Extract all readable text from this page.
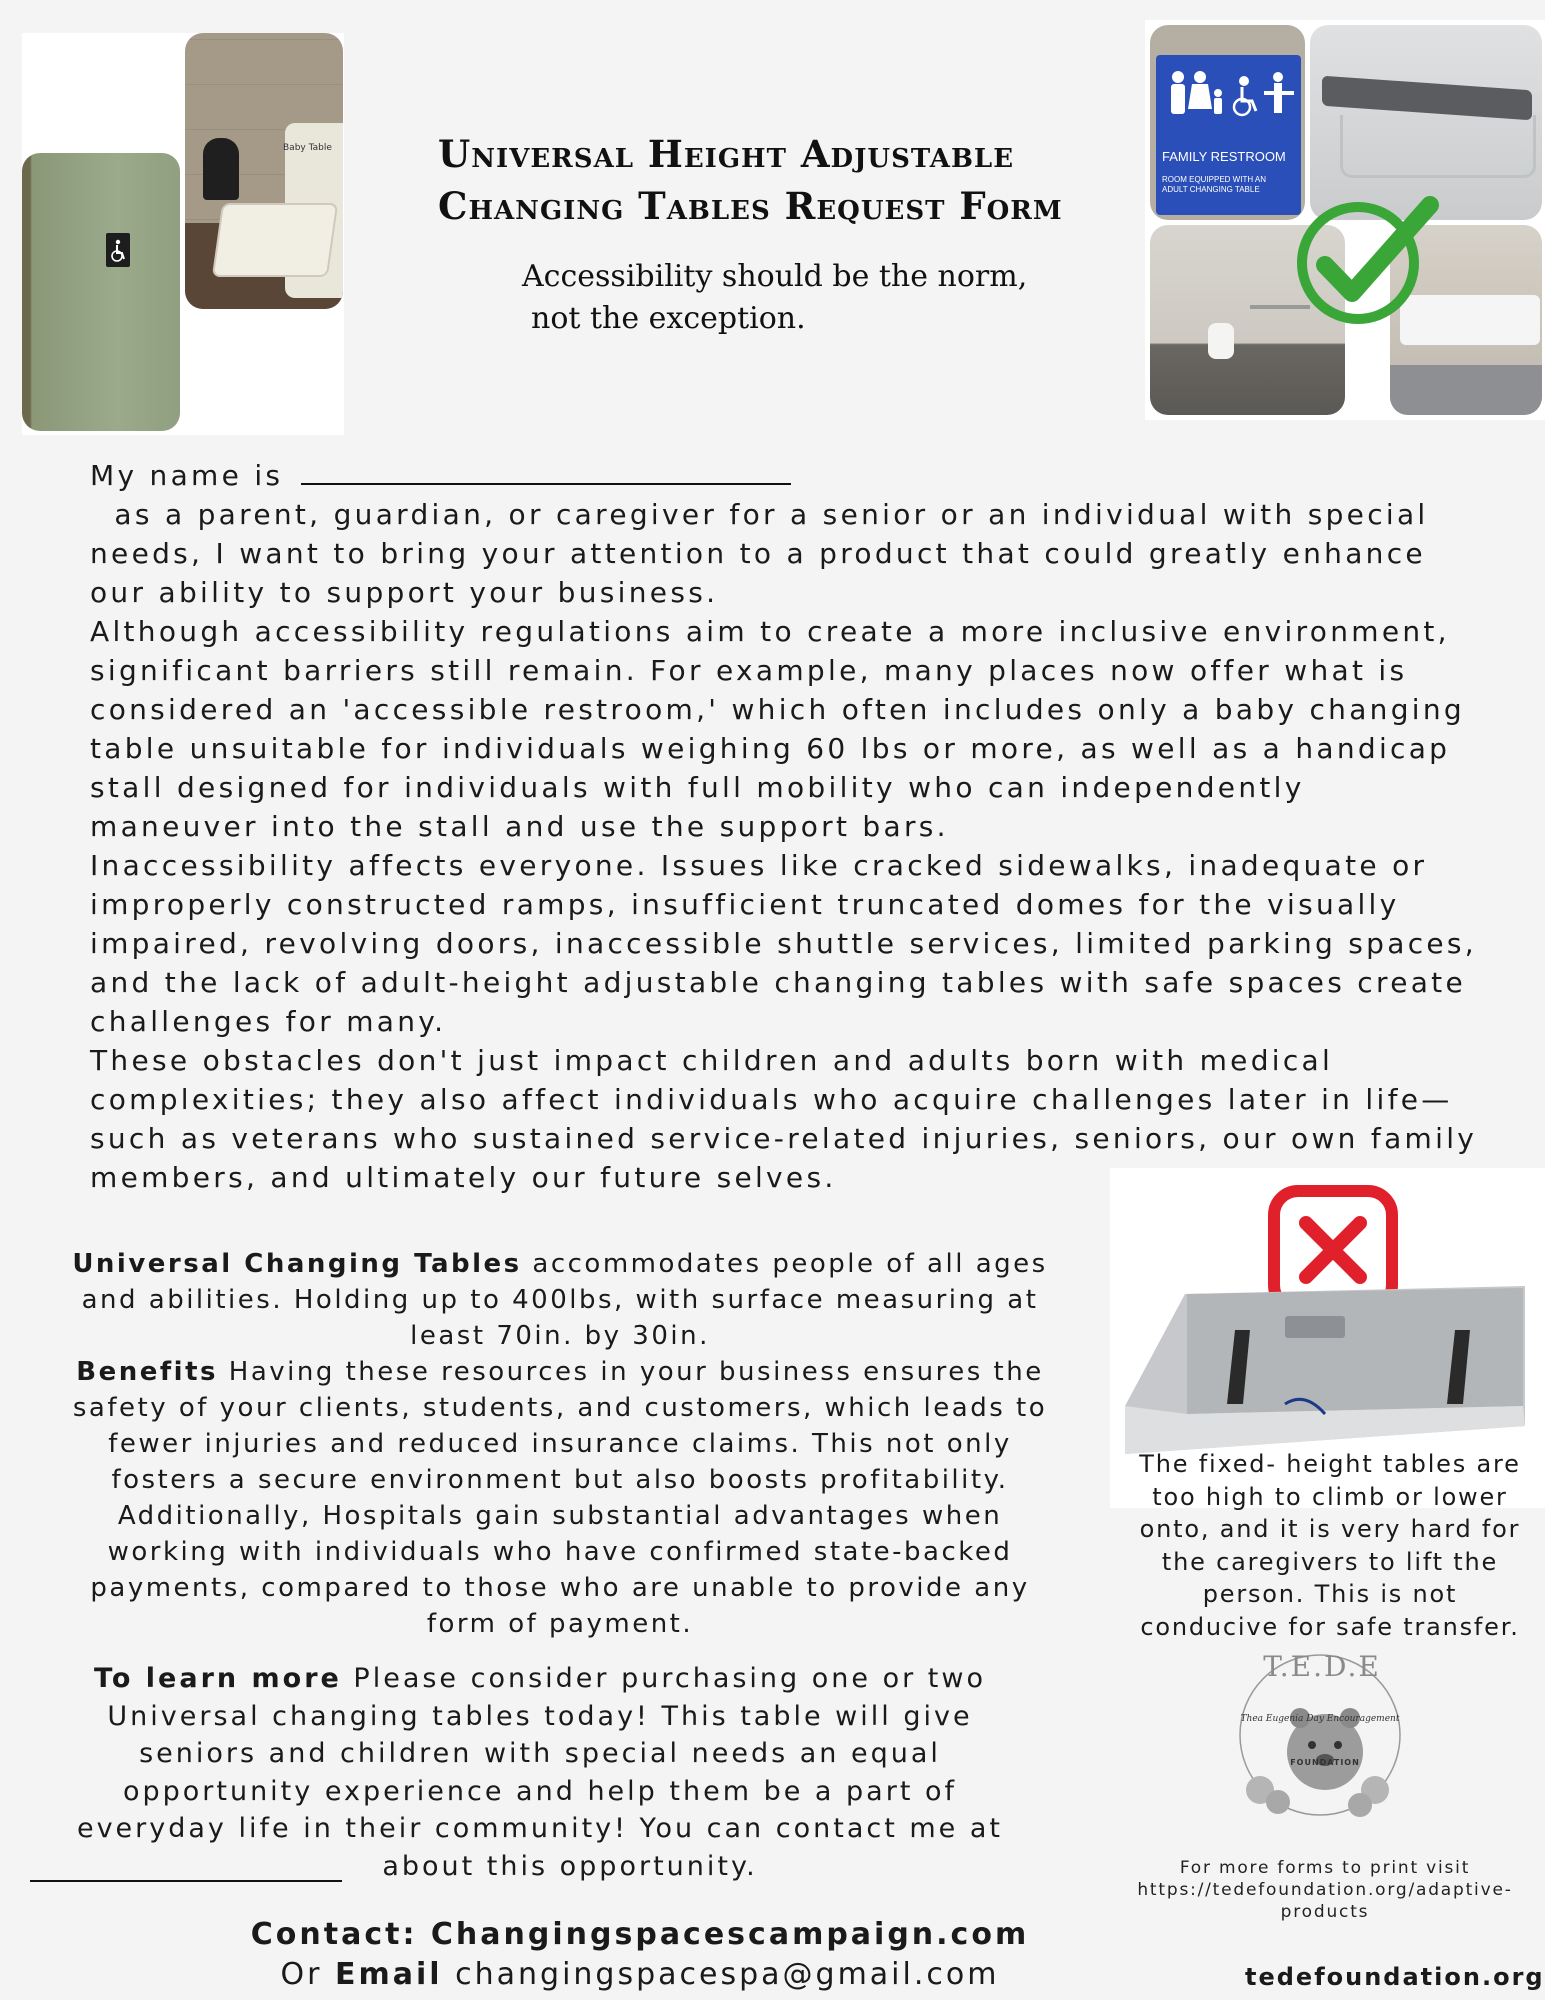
Baby Table	Universal Height Adjustable
Changing Tables Request Form
Accessibility should be the norm,
not the exception.
FAMILY RESTROOM
ROOM EQUIPPED WITH AN
ADULT CHANGING TABLE
My name is
as a parent, guardian, or caregiver for a senior or an individual with special
needs, I want to bring your attention to a product that could greatly enhance
our ability to support your business.
Although accessibility regulations aim to create a more inclusive environment,
significant barriers still remain. For example, many places now offer what is
considered an 'accessible restroom,' which often includes only a baby changing
table unsuitable for individuals weighing 60 lbs or more, as well as a handicap
stall designed for individuals with full mobility who can independently
maneuver into the stall and use the support bars.
Inaccessibility affects everyone. Issues like cracked sidewalks, inadequate or
improperly constructed ramps, insufficient truncated domes for the visually
impaired, revolving doors, inaccessible shuttle services, limited parking spaces,
and the lack of adult-height adjustable changing tables with safe spaces create
challenges for many.
These obstacles don't just impact children and adults born with medical
complexities; they also affect individuals who acquire challenges later in life—
such as veterans who sustained service-related injuries, seniors, our own family
members, and ultimately our future selves.
Universal Changing Tables accommodates people of all ages
and abilities. Holding up to 400lbs, with surface measuring at
least 70in. by 30in.
Benefits Having these resources in your business ensures the
safety of your clients, students, and customers, which leads to
fewer injuries and reduced insurance claims. This not only
fosters a secure environment but also boosts profitability.
Additionally, Hospitals gain substantial advantages when
working with individuals who have confirmed state-backed
payments, compared to those who are unable to provide any
form of payment.
To learn more Please consider purchasing one or two
Universal changing tables today! This table will give
seniors and children with special needs an equal
opportunity experience and help them be a part of
everyday life in their community! You can contact me at
about this opportunity.
The fixed- height tables are
too high to climb or lower
onto, and it is very hard for
the caregivers to lift the
person. This is not
conducive for safe transfer.
T.E.D.E
Thea Eugenia Day Encouragement
FOUNDATION
For more forms to print visit
https://tedefoundation.org/adaptive-
products
Contact: Changingspacescampaign.com
Or Email changingspacespa@gmail.com	tedefoundation.org
